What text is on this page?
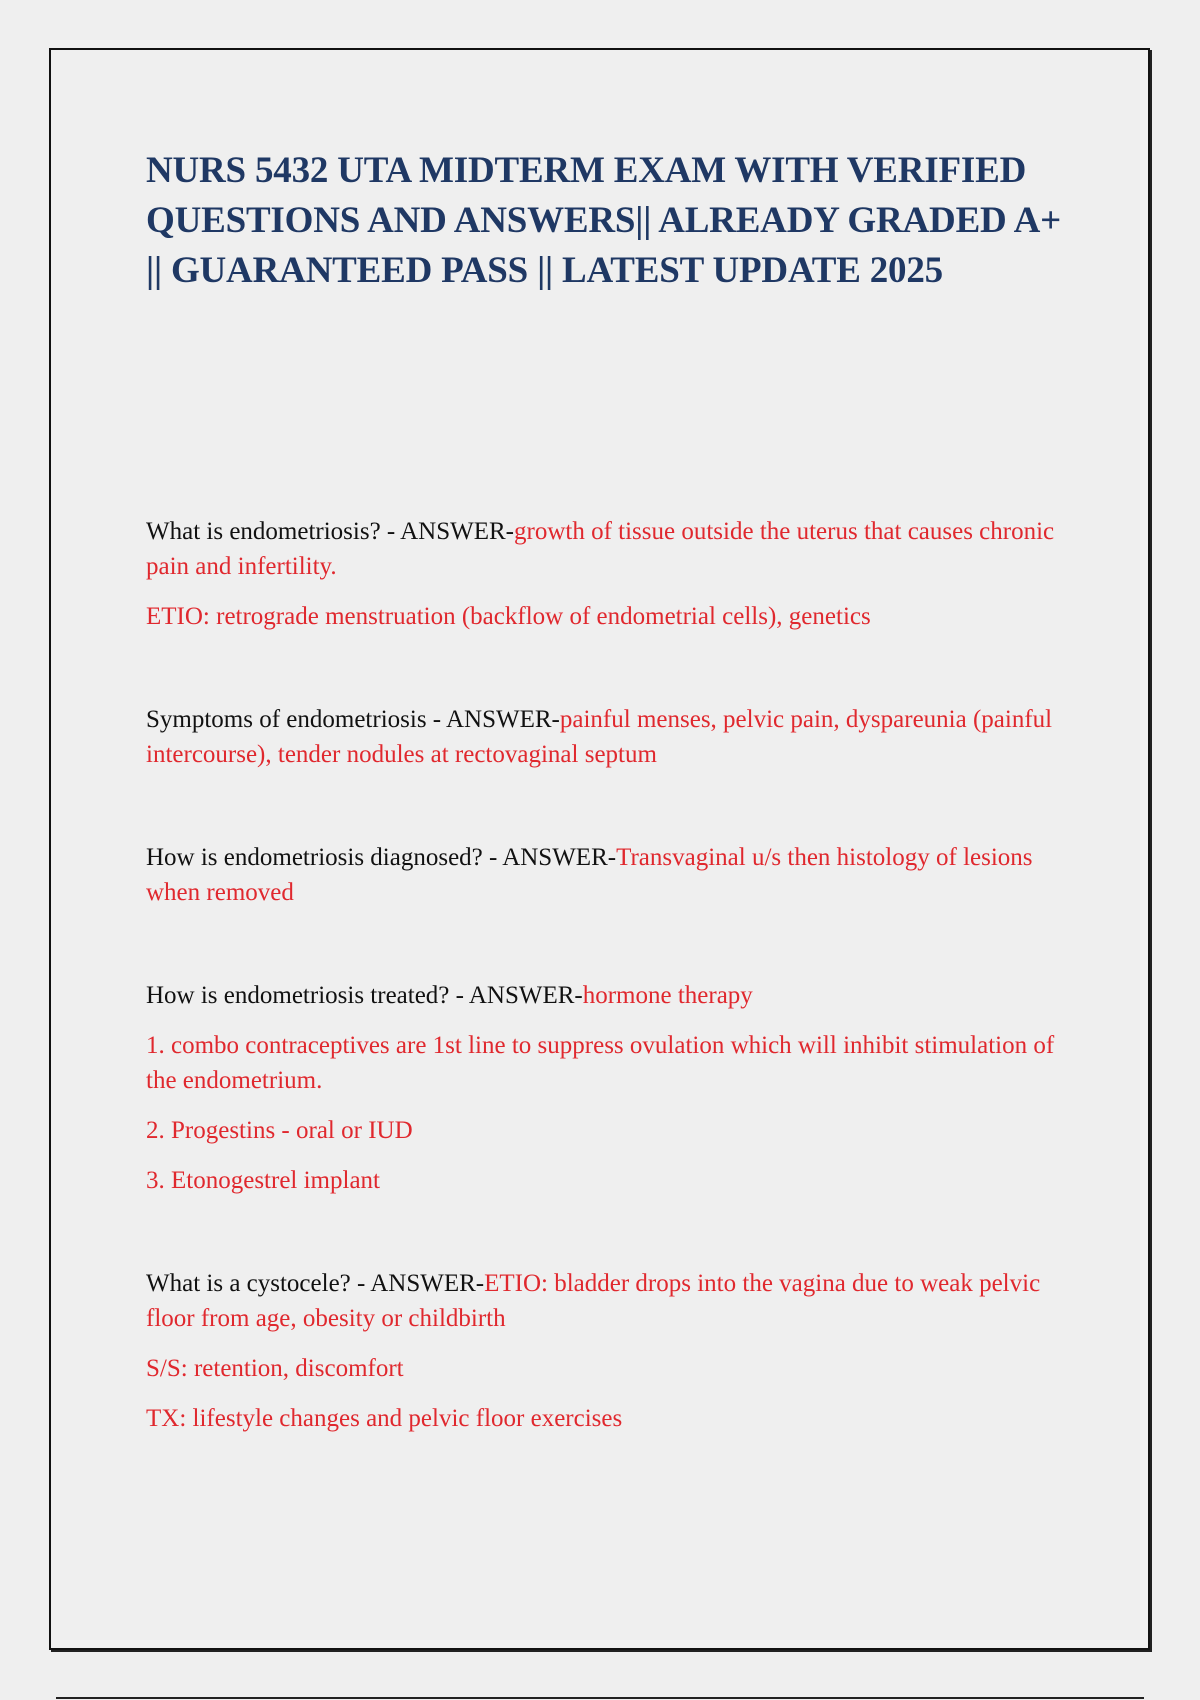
NURS 5432 UTA MIDTERM EXAM WITH VERIFIED QUESTIONS AND ANSWERS|| ALREADY GRADED A+ || GUARANTEED PASS || LATEST UPDATE 2025

What is endometriosis? - ANSWER-growth of tissue outside the uterus that causes chronic pain and infertility.

ETIO: retrograde menstruation (backflow of endometrial cells), genetics

Symptoms of endometriosis - ANSWER-painful menses, pelvic pain, dyspareunia (painful intercourse), tender nodules at rectovaginal septum

How is endometriosis diagnosed? - ANSWER-Transvaginal u/s then histology of lesions when removed

How is endometriosis treated? - ANSWER-hormone therapy

1. combo contraceptives are 1st line to suppress ovulation which will inhibit stimulation of the endometrium.

2. Progestins - oral or IUD

3. Etonogestrel implant

What is a cystocele? - ANSWER-ETIO: bladder drops into the vagina due to weak pelvic floor from age, obesity or childbirth

S/S: retention, discomfort

TX: lifestyle changes and pelvic floor exercises
